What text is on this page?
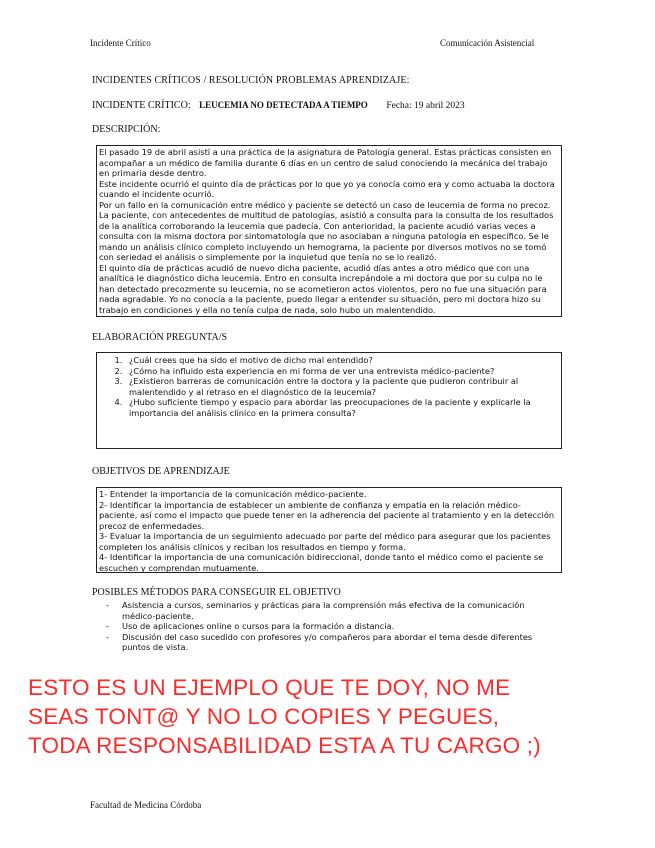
Incidente Crítico	Comunicación Asistencial
INCIDENTES CRÍTICOS / RESOLUCIÓN PROBLEMAS APRENDIZAJE:
INCIDENTE CRÍTICO: LEUCEMIA NO DETECTADA A TIEMPO Fecha: 19 abril 2023
DESCRIPCIÓN:

El pasado 19 de abril asistí a una práctica de la asignatura de Patología general. Estas prácticas consisten en acompañar a un médico de familia durante 6 días en un centro de salud conociendo la mecánica del trabajo en primaria desde dentro.

Este incidente ocurrió el quinto día de prácticas por lo que yo ya conocía como era y como actuaba la doctora cuando el incidente ocurrió.

Por un fallo en la comunicación entre médico y paciente se detectó un caso de leucemia de forma no precoz. La paciente, con antecedentes de multitud de patologías, asistió a consulta para la consulta de los resultados de la analítica corroborando la leucemia que padecía. Con anterioridad, la paciente acudió varias veces a consulta con la misma doctora por sintomatología que no asociaban a ninguna patología en específico. Se le mando un análisis clínico completo incluyendo un hemograma, la paciente por diversos motivos no se tomó con seriedad el análisis o simplemente por la inquietud que tenía no se lo realizó.

El quinto día de prácticas acudió de nuevo dicha paciente, acudió días antes a otro médico que con una analítica le diagnóstico dicha leucemia. Entro en consulta increpándole a mi doctora que por su culpa no le han detectado precozmente su leucemia, no se acometieron actos violentos, pero no fue una situación para nada agradable. Yo no conocía a la paciente, puedo llegar a entender su situación, pero mi doctora hizo su trabajo en condiciones y ella no tenía culpa de nada, solo hubo un malentendido.

ELABORACIÓN PREGUNTA/S
1. ¿Cuál crees que ha sido el motivo de dicho mal entendido?
2. ¿Cómo ha influido esta experiencia en mi forma de ver una entrevista médico-paciente?
3. ¿Existieron barreras de comunicación entre la doctora y la paciente que pudieron contribuir al malentendido y al retraso en el diagnóstico de la leucemia?
4. ¿Hubo suficiente tiempo y espacio para abordar las preocupaciones de la paciente y explicarle la importancia del análisis clínico en la primera consulta?
OBJETIVOS DE APRENDIZAJE

1- Entender la importancia de la comunicación médico-paciente.

2- Identificar la importancia de establecer un ambiente de confianza y empatía en la relación médico-paciente, así como el impacto que puede tener en la adherencia del paciente al tratamiento y en la detección precoz de enfermedades.

3- Evaluar la importancia de un seguimiento adecuado por parte del médico para asegurar que los pacientes completen los análisis clínicos y reciban los resultados en tiempo y forma.

4- Identificar la importancia de una comunicación bidireccional, donde tanto el médico como el paciente se escuchen y comprendan mutuamente.

POSIBLES MÉTODOS PARA CONSEGUIR EL OBJETIVO
- Asistencia a cursos, seminarios y prácticas para la comprensión más efectiva de la comunicación médico-paciente.
- Uso de aplicaciones online o cursos para la formación a distancia.
- Discusión del caso sucedido con profesores y/o compañeros para abordar el tema desde diferentes puntos de vista.
ESTO ES UN EJEMPLO QUE TE DOY, NO ME
SEAS TONT@ Y NO LO COPIES Y PEGUES,
TODA RESPONSABILIDAD ESTA A TU CARGO ;)
Facultad de Medicina Córdoba
